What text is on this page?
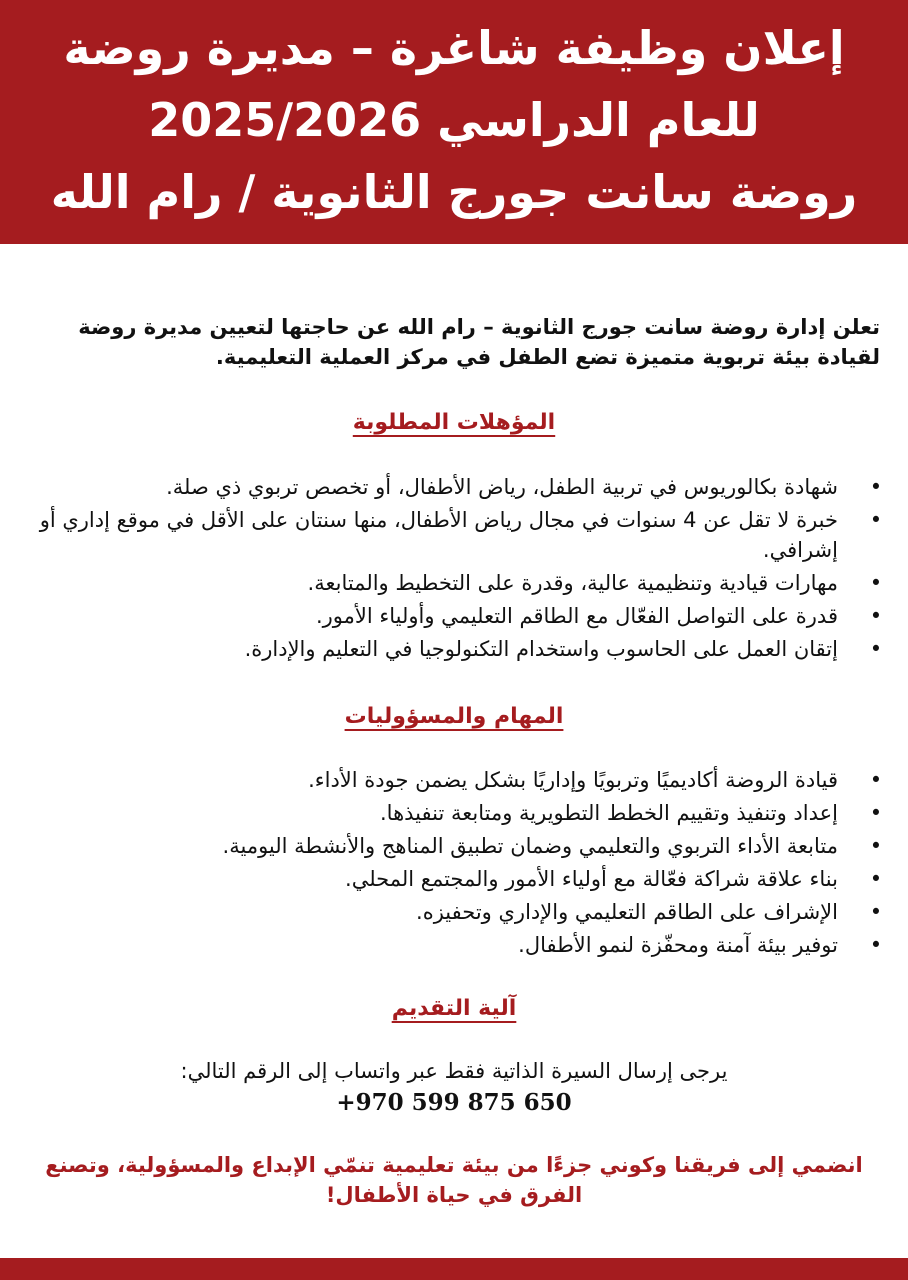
إعلان وظيفة شاغرة – مديرة روضة
للعام الدراسي 2025/2026
روضة سانت جورج الثانوية / رام الله
تعلن إدارة روضة سانت جورج الثانوية – رام الله عن حاجتها لتعيين مديرة روضة لقيادة بيئة تربوية متميزة تضع الطفل في مركز العملية التعليمية.
المؤهلات المطلوبة
•
شهادة بكالوريوس في تربية الطفل، رياض الأطفال، أو تخصص تربوي ذي صلة.
•
خبرة لا تقل عن 4 سنوات في مجال رياض الأطفال، منها سنتان على الأقل في موقع إداري أو إشرافي.
•
مهارات قيادية وتنظيمية عالية، وقدرة على التخطيط والمتابعة.
•
قدرة على التواصل الفعّال مع الطاقم التعليمي وأولياء الأمور.
•
إتقان العمل على الحاسوب واستخدام التكنولوجيا في التعليم والإدارة.
المهام والمسؤوليات
•
قيادة الروضة أكاديميًا وتربويًا وإداريًا بشكل يضمن جودة الأداء.
•
إعداد وتنفيذ وتقييم الخطط التطويرية ومتابعة تنفيذها.
•
متابعة الأداء التربوي والتعليمي وضمان تطبيق المناهج والأنشطة اليومية.
•
بناء علاقة شراكة فعّالة مع أولياء الأمور والمجتمع المحلي.
•
الإشراف على الطاقم التعليمي والإداري وتحفيزه.
•
توفير بيئة آمنة ومحفّزة لنمو الأطفال.
آلية التقديم
يرجى إرسال السيرة الذاتية فقط عبر واتساب إلى الرقم التالي:
+970 599 875 650
انضمي إلى فريقنا وكوني جزءًا من بيئة تعليمية تنمّي الإبداع والمسؤولية، وتصنع الفرق في حياة الأطفال!
